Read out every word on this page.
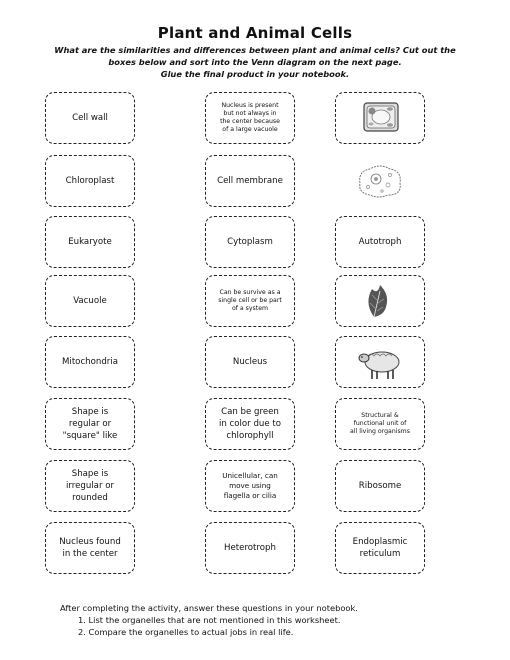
Plant and Animal Cells
What are the similarities and differences between plant and animal cells? Cut out the
boxes below and sort into the Venn diagram on the next page.
Glue the final product in your notebook.
Cell wall
Nucleus is present
but not always in
the center because
of a large vacuole
Chloroplast	Cell membrane
Eukaryote	Cytoplasm	Autotroph
Vacuole
Can be survive as a
single cell or be part
of a system
Mitochondria	Nucleus
Shape is
regular or
"square" like
Can be green
in color due to
chlorophyll
Structural &
functional unit of
all living organisms
Shape is
irregular or
rounded
Unicellular, can
move using
flagella or cilia
Ribosome
Nucleus found
in the center
Heterotroph
Endoplasmic
reticulum
After completing the activity, answer these questions in your notebook.
1. List the organelles that are not mentioned in this worksheet.
2. Compare the organelles to actual jobs in real life.
